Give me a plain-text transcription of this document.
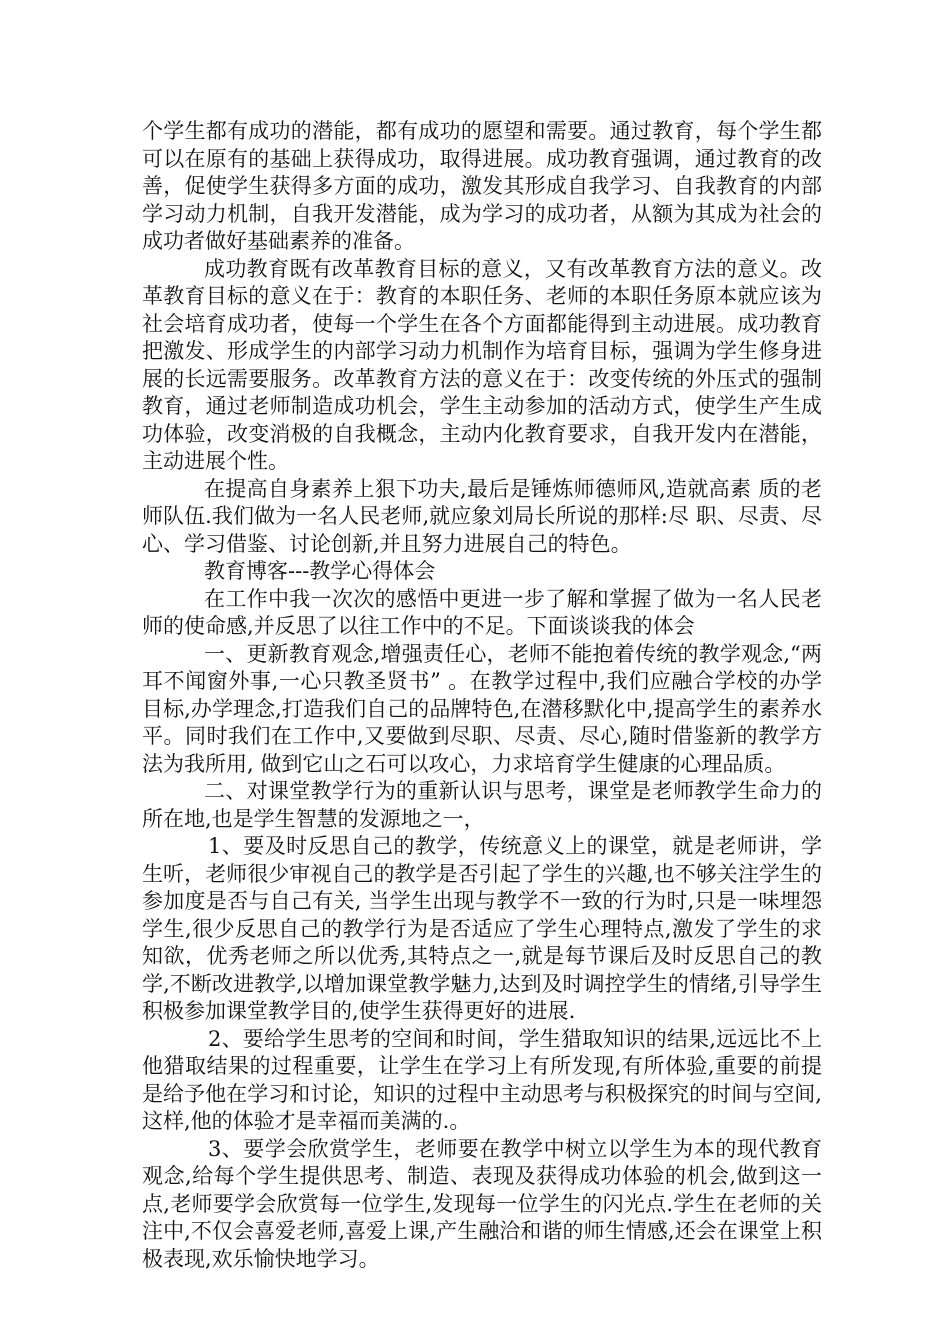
个学生都有成功的潜能，都有成功的愿望和需要。通过教育，每个学生都可以在原有的基础上获得成功，取得进展。成功教育强调，通过教育的改善，促使学生获得多方面的成功，激发其形成自我学习、自我教育的内部学习动力机制，自我开发潜能，成为学习的成功者，从额为其成为社会的成功者做好基础素养的准备。

成功教育既有改革教育目标的意义，又有改革教育方法的意义。改革教育目标的意义在于：教育的本职任务、老师的本职任务原本就应该为社会培育成功者，使每一个学生在各个方面都能得到主动进展。成功教育把激发、形成学生的内部学习动力机制作为培育目标，强调为学生修身进展的长远需要服务。改革教育方法的意义在于：改变传统的外压式的强制教育，通过老师制造成功机会，学生主动参加的活动方式，使学生产生成功体验，改变消极的自我概念，主动内化教育要求，自我开发内在潜能，主动进展个性。

在提高自身素养上狠下功夫,最后是锤炼师德师风,造就高素 质的老师队伍.我们做为一名人民老师,就应象刘局长所说的那样:尽 职、尽责、尽心、学习借鉴、讨论创新,并且努力进展自己的特色。

教育博客---教学心得体会

在工作中我一次次的感悟中更进一步了解和掌握了做为一名人民老师的使命感,并反思了以往工作中的不足。下面谈谈我的体会

一、更新教育观念,增强责任心，老师不能抱着传统的教学观念,“两耳不闻窗外事,一心只教圣贤书” 。在教学过程中,我们应融合学校的办学目标,办学理念,打造我们自己的品牌特色,在潜移默化中,提高学生的素养水平。同时我们在工作中,又要做到尽职、尽责、尽心,随时借鉴新的教学方法为我所用, 做到它山之石可以攻心，力求培育学生健康的心理品质。

二、对课堂教学行为的重新认识与思考，课堂是老师教学生命力的所在地,也是学生智慧的发源地之一，

1、要及时反思自己的教学，传统意义上的课堂，就是老师讲，学生听，老师很少审视自己的教学是否引起了学生的兴趣,也不够关注学生的参加度是否与自己有关, 当学生出现与教学不一致的行为时,只是一味埋怨学生,很少反思自己的教学行为是否适应了学生心理特点,激发了学生的求知欲，优秀老师之所以优秀,其特点之一,就是每节课后及时反思自己的教学,不断改进教学,以增加课堂教学魅力,达到及时调控学生的情绪,引导学生积极参加课堂教学目的,使学生获得更好的进展.

2、要给学生思考的空间和时间，学生猎取知识的结果,远远比不上他猎取结果的过程重要，让学生在学习上有所发现,有所体验,重要的前提是给予他在学习和讨论，知识的过程中主动思考与积极探究的时间与空间,这样,他的体验才是幸福而美满的.。

3、要学会欣赏学生，老师要在教学中树立以学生为本的现代教育观念,给每个学生提供思考、制造、表现及获得成功体验的机会,做到这一点,老师要学会欣赏每一位学生,发现每一位学生的闪光点.学生在老师的关注中,不仅会喜爱老师,喜爱上课,产生融洽和谐的师生情感,还会在课堂上积极表现,欢乐愉快地学习。
